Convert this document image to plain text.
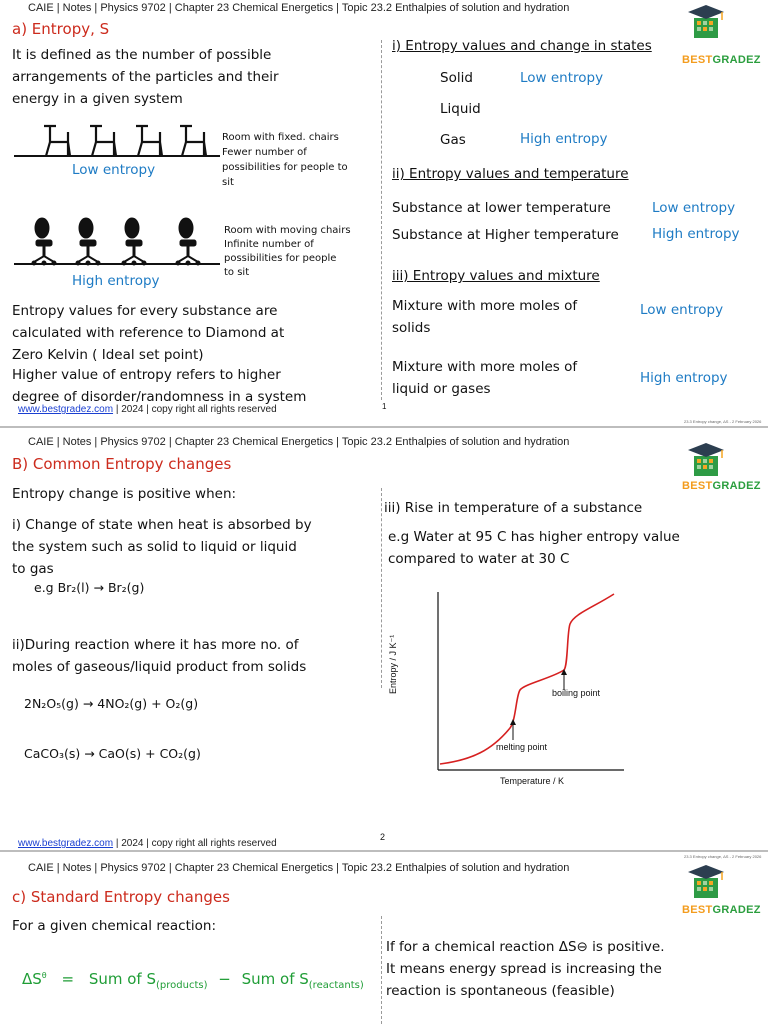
CAIE | Notes | Physics 9702 | Chapter 23 Chemical Energetics | Topic 23.2 Enthalpies of solution and hydration
BESTGRADEZ
a) Entropy, S
It is defined as the number of possible
arrangements of the particles and their
energy in a given system
Room with fixed. chairs
Fewer number of
possibilities for people to
sit
Low entropy
Room with moving chairs
Infinite number of
possibilities for people
to sit
High entropy
Entropy values for every substance are
calculated with reference to Diamond at
Zero Kelvin ( Ideal set point)
Higher value of entropy refers to higher
degree of disorder/randomness in a system
i) Entropy values and change in states
Solid	Low entropy
Liquid
Gas	High entropy
ii) Entropy values and temperature
Substance at lower temperature	Low entropy
Substance at Higher temperature High entropy
iii) Entropy values and mixture
Mixture with more moles of
solids
Low entropy
Mixture with more moles of
liquid or gases
High entropy
www.bestgradez.com | 2024 | copy right all rights reserved	1
23.3 Entropy change, ΔS - 2 February 2026
CAIE | Notes | Physics 9702 | Chapter 23 Chemical Energetics | Topic 23.2 Enthalpies of solution and hydration
BESTGRADEZ
B) Common Entropy changes
Entropy change is positive when:
i) Change of state when heat is absorbed by
the system such as solid to liquid or liquid
to gas
e.g Br₂(l) → Br₂(g)
ii)During reaction where it has more no. of
moles of gaseous/liquid product from solids
2N₂O₅(g) → 4NO₂(g) + O₂(g)
CaCO₃(s) → CaO(s) + CO₂(g)
iii) Rise in temperature of a substance
e.g Water at 95 C has higher entropy value
compared to water at 30 C
melting point
boiling point
Temperature / K
Entropy / J K⁻¹
www.bestgradez.com | 2024 | copy right all rights reserved
2
23.3 Entropy change, ΔS - 2 February 2026
CAIE | Notes | Physics 9702 | Chapter 23 Chemical Energetics | Topic 23.2 Enthalpies of solution and hydration
BESTGRADEZ
c) Standard Entropy changes
For a given chemical reaction:
$\Delta S^\theta$ = Sum of $S_{(products)}$ − Sum of $S_{(reactants)}$
If for a chemical reaction ΔS⊖ is positive.
It means energy spread is increasing the
reaction is spontaneous (feasible)
